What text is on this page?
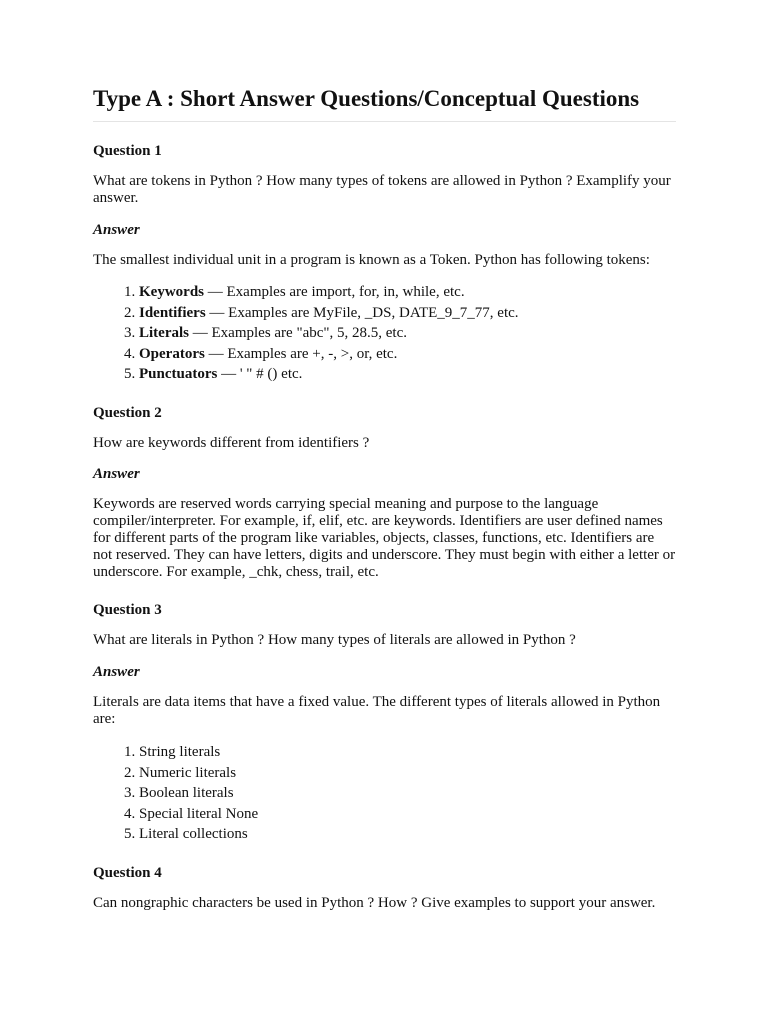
Type A : Short Answer Questions/Conceptual Questions

Question 1

What are tokens in Python ? How many types of tokens are allowed in Python ? Examplify your answer.

Answer

The smallest individual unit in a program is known as a Token. Python has following tokens:

1. Keywords — Examples are import, for, in, while, etc.
2. Identifiers — Examples are MyFile, _DS, DATE_9_7_77, etc.
3. Literals — Examples are "abc", 5, 28.5, etc.
4. Operators — Examples are +, -, >, or, etc.
5. Punctuators — ' " # () etc.

Question 2

How are keywords different from identifiers ?

Answer

Keywords are reserved words carrying special meaning and purpose to the language compiler/interpreter. For example, if, elif, etc. are keywords. Identifiers are user defined names for different parts of the program like variables, objects, classes, functions, etc. Identifiers are not reserved. They can have letters, digits and underscore. They must begin with either a letter or underscore. For example, _chk, chess, trail, etc.

Question 3

What are literals in Python ? How many types of literals are allowed in Python ?

Answer

Literals are data items that have a fixed value. The different types of literals allowed in Python are:

1. String literals
2. Numeric literals
3. Boolean literals
4. Special literal None
5. Literal collections

Question 4

Can nongraphic characters be used in Python ? How ? Give examples to support your answer.
